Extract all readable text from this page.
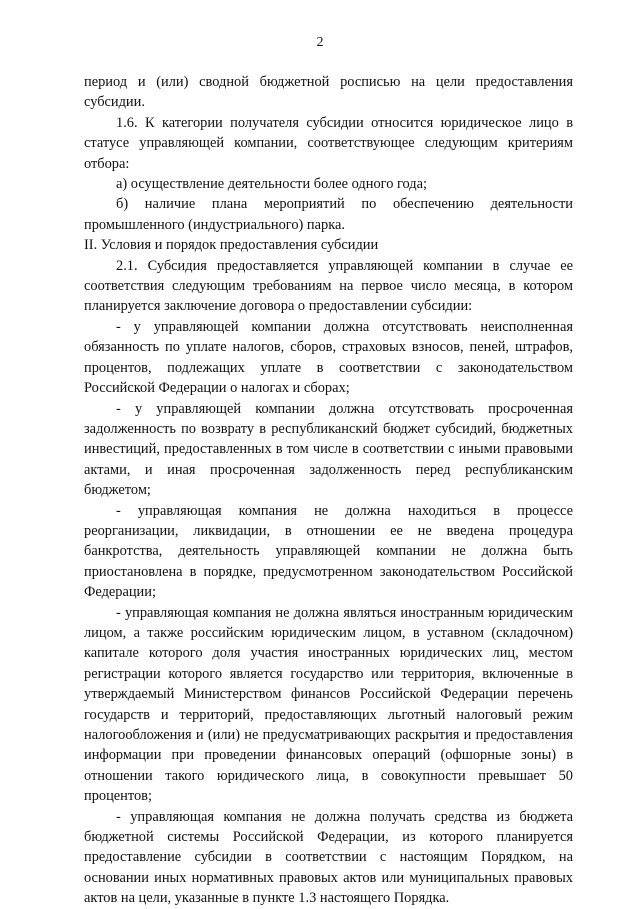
2

период и (или) сводной бюджетной росписью на цели предоставления субсидии.

1.6. К категории получателя субсидии относится юридическое лицо в статусе управляющей компании, соответствующее следующим критериям отбора:

а) осуществление деятельности более одного года;

б) наличие плана мероприятий по обеспечению деятельности промышленного (индустриального) парка.

II. Условия и порядок предоставления субсидии

2.1. Субсидия предоставляется управляющей компании в случае ее соответствия следующим требованиям на первое число месяца, в котором планируется заключение договора о предоставлении субсидии:

- у управляющей компании должна отсутствовать неисполненная обязанность по уплате налогов, сборов, страховых взносов, пеней, штрафов, процентов, подлежащих уплате в соответствии с законодательством Российской Федерации о налогах и сборах;

- у управляющей компании должна отсутствовать просроченная задолженность по возврату в республиканский бюджет субсидий, бюджетных инвестиций, предоставленных в том числе в соответствии с иными правовыми актами, и иная просроченная задолженность перед республиканским бюджетом;

- управляющая компания не должна находиться в процессе реорганизации, ликвидации, в отношении ее не введена процедура банкротства, деятельность управляющей компании не должна быть приостановлена в порядке, предусмотренном законодательством Российской Федерации;

- управляющая компания не должна являться иностранным юридическим лицом, а также российским юридическим лицом, в уставном (складочном) капитале которого доля участия иностранных юридических лиц, местом регистрации которого является государство или территория, включенные в утверждаемый Министерством финансов Российской Федерации перечень государств и территорий, предоставляющих льготный налоговый режим налогообложения и (или) не предусматривающих раскрытия и предоставления информации при проведении финансовых операций (офшорные зоны) в отношении такого юридического лица, в совокупности превышает 50 процентов;

- управляющая компания не должна получать средства из бюджета бюджетной системы Российской Федерации, из которого планируется предоставление субсидии в соответствии с настоящим Порядком, на основании иных нормативных правовых актов или муниципальных правовых актов на цели, указанные в пункте 1.3 настоящего Порядка.
